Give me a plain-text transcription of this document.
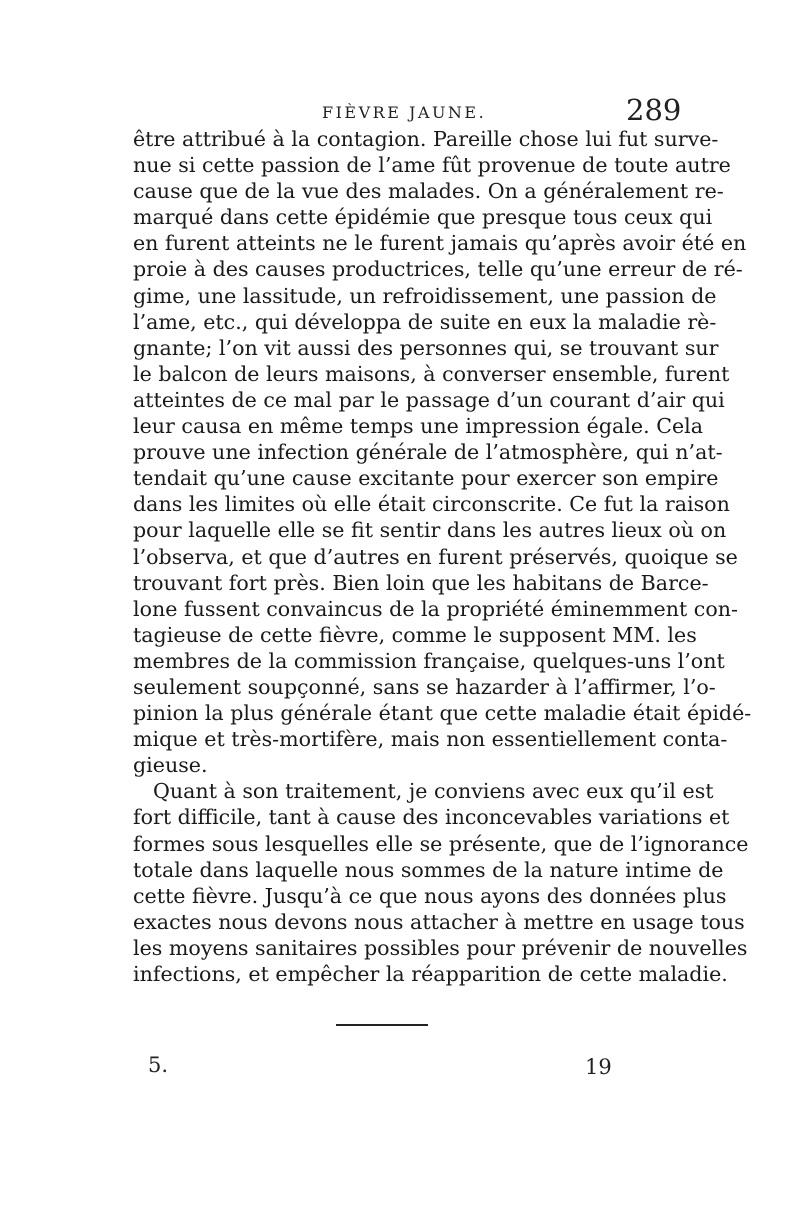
FIÈVRE JAUNE.	289
être attribué à la contagion. Pareille chose lui fut surve-
nue si cette passion de l’ame fût provenue de toute autre
cause que de la vue des malades. On a généralement re-
marqué dans cette épidémie que presque tous ceux qui
en furent atteints ne le furent jamais qu’après avoir été en
proie à des causes productrices, telle qu’une erreur de ré-
gime, une lassitude, un refroidissement, une passion de
l’ame, etc., qui développa de suite en eux la maladie rè-
gnante; l’on vit aussi des personnes qui, se trouvant sur
le balcon de leurs maisons, à converser ensemble, furent
atteintes de ce mal par le passage d’un courant d’air qui
leur causa en même temps une impression égale. Cela
prouve une infection générale de l’atmosphère, qui n’at-
tendait qu’une cause excitante pour exercer son empire
dans les limites où elle était circonscrite. Ce fut la raison
pour laquelle elle se fit sentir dans les autres lieux où on
l’observa, et que d’autres en furent préservés, quoique se
trouvant fort près. Bien loin que les habitans de Barce-
lone fussent convaincus de la propriété éminemment con-
tagieuse de cette fièvre, comme le supposent MM. les
membres de la commission française, quelques-uns l’ont
seulement soupçonné, sans se hazarder à l’affirmer, l’o-
pinion la plus générale étant que cette maladie était épidé-
mique et très-mortifère, mais non essentiellement conta-
gieuse.
Quant à son traitement, je conviens avec eux qu’il est
fort difficile, tant à cause des inconcevables variations et
formes sous lesquelles elle se présente, que de l’ignorance
totale dans laquelle nous sommes de la nature intime de
cette fièvre. Jusqu’à ce que nous ayons des données plus
exactes nous devons nous attacher à mettre en usage tous
les moyens sanitaires possibles pour prévenir de nouvelles
infections, et empêcher la réapparition de cette maladie.
5.	19
